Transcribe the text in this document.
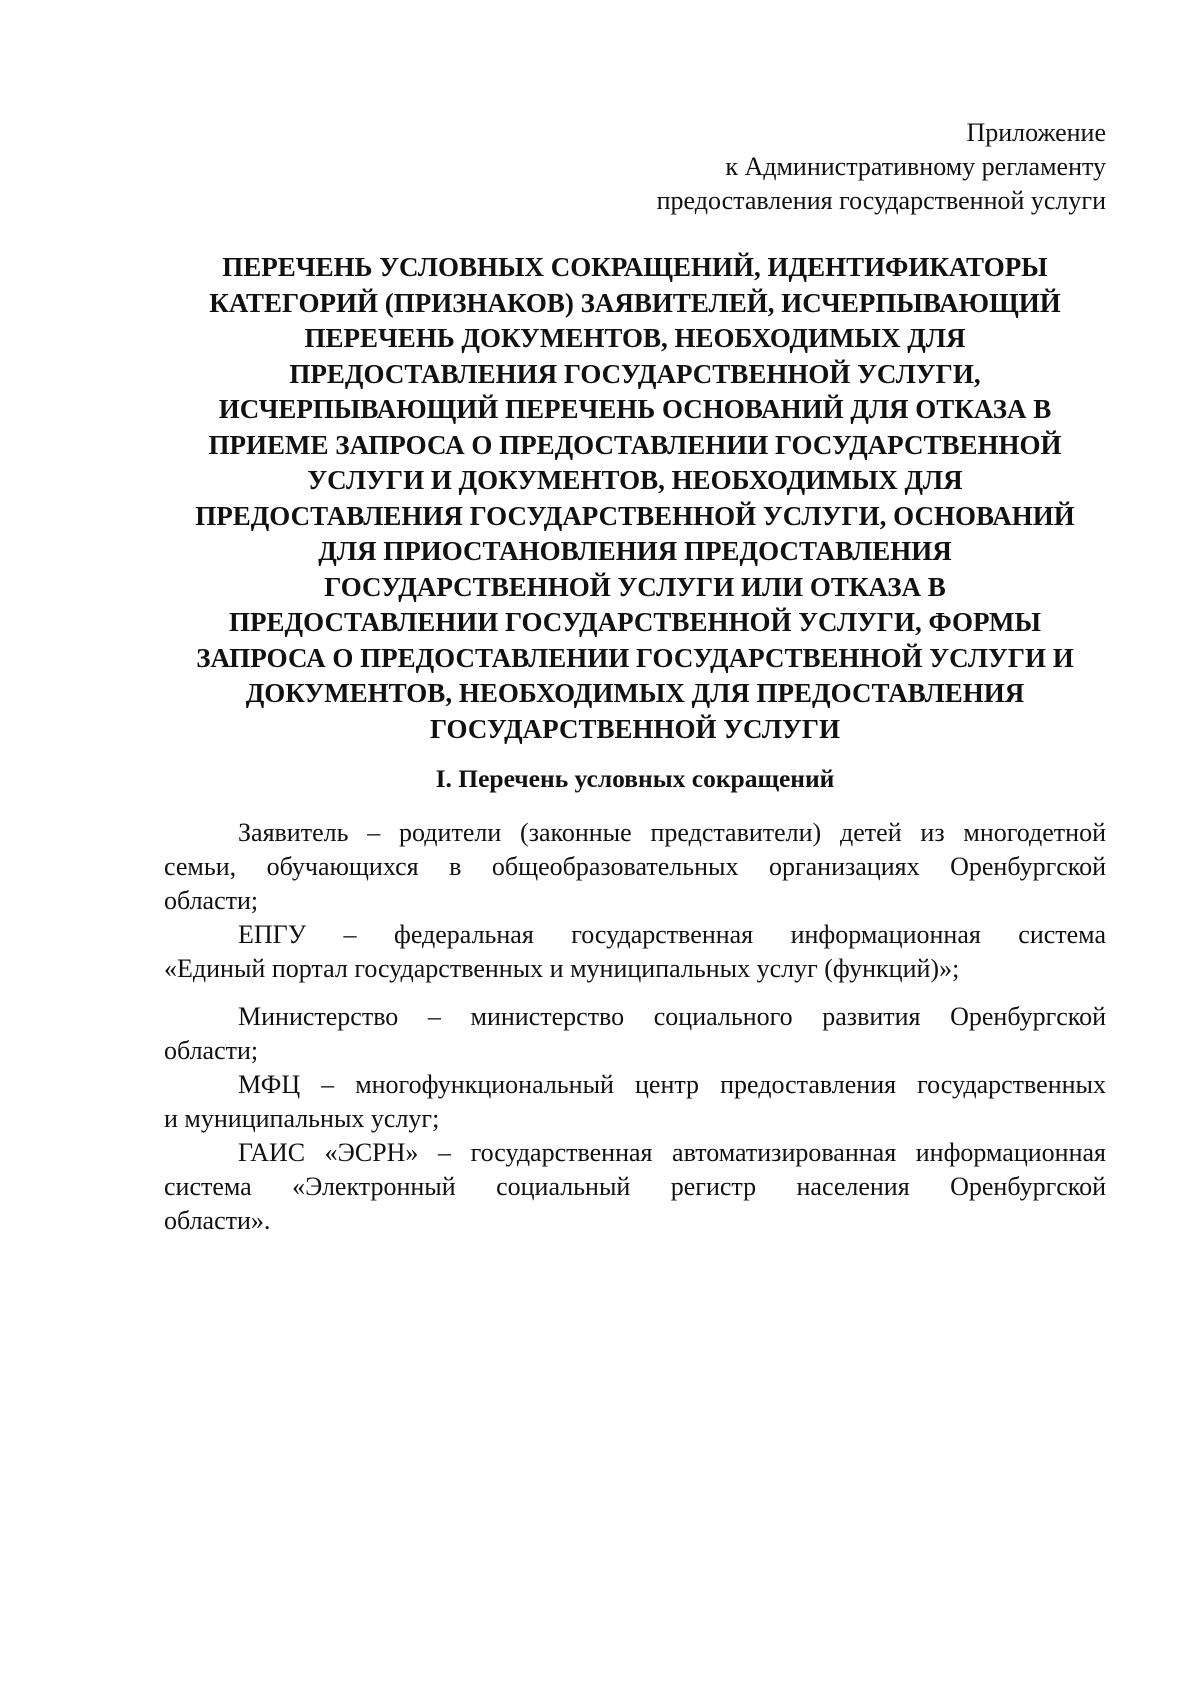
Приложение
к Административному регламенту
предоставления государственной услуги
ПЕРЕЧЕНЬ УСЛОВНЫХ СОКРАЩЕНИЙ, ИДЕНТИФИКАТОРЫ
КАТЕГОРИЙ (ПРИЗНАКОВ) ЗАЯВИТЕЛЕЙ, ИСЧЕРПЫВАЮЩИЙ
ПЕРЕЧЕНЬ ДОКУМЕНТОВ, НЕОБХОДИМЫХ ДЛЯ
ПРЕДОСТАВЛЕНИЯ ГОСУДАРСТВЕННОЙ УСЛУГИ,
ИСЧЕРПЫВАЮЩИЙ ПЕРЕЧЕНЬ ОСНОВАНИЙ ДЛЯ ОТКАЗА В
ПРИЕМЕ ЗАПРОСА О ПРЕДОСТАВЛЕНИИ ГОСУДАРСТВЕННОЙ
УСЛУГИ И ДОКУМЕНТОВ, НЕОБХОДИМЫХ ДЛЯ
ПРЕДОСТАВЛЕНИЯ ГОСУДАРСТВЕННОЙ УСЛУГИ, ОСНОВАНИЙ
ДЛЯ ПРИОСТАНОВЛЕНИЯ ПРЕДОСТАВЛЕНИЯ
ГОСУДАРСТВЕННОЙ УСЛУГИ ИЛИ ОТКАЗА В
ПРЕДОСТАВЛЕНИИ ГОСУДАРСТВЕННОЙ УСЛУГИ, ФОРМЫ
ЗАПРОСА О ПРЕДОСТАВЛЕНИИ ГОСУДАРСТВЕННОЙ УСЛУГИ И
ДОКУМЕНТОВ, НЕОБХОДИМЫХ ДЛЯ ПРЕДОСТАВЛЕНИЯ
ГОСУДАРСТВЕННОЙ УСЛУГИ
I. Перечень условных сокращений

Заявитель – родители (законные представители) детей из многодетной
семьи, обучающихся в общеобразовательных организациях Оренбургской
области;

ЕПГУ – федеральная государственная информационная система
«Единый портал государственных и муниципальных услуг (функций)»;

Министерство – министерство социального развития Оренбургской
области;

МФЦ – многофункциональный центр предоставления государственных
и муниципальных услуг;

ГАИС «ЭСРН» – государственная автоматизированная информационная
система «Электронный социальный регистр населения Оренбургской
области».
